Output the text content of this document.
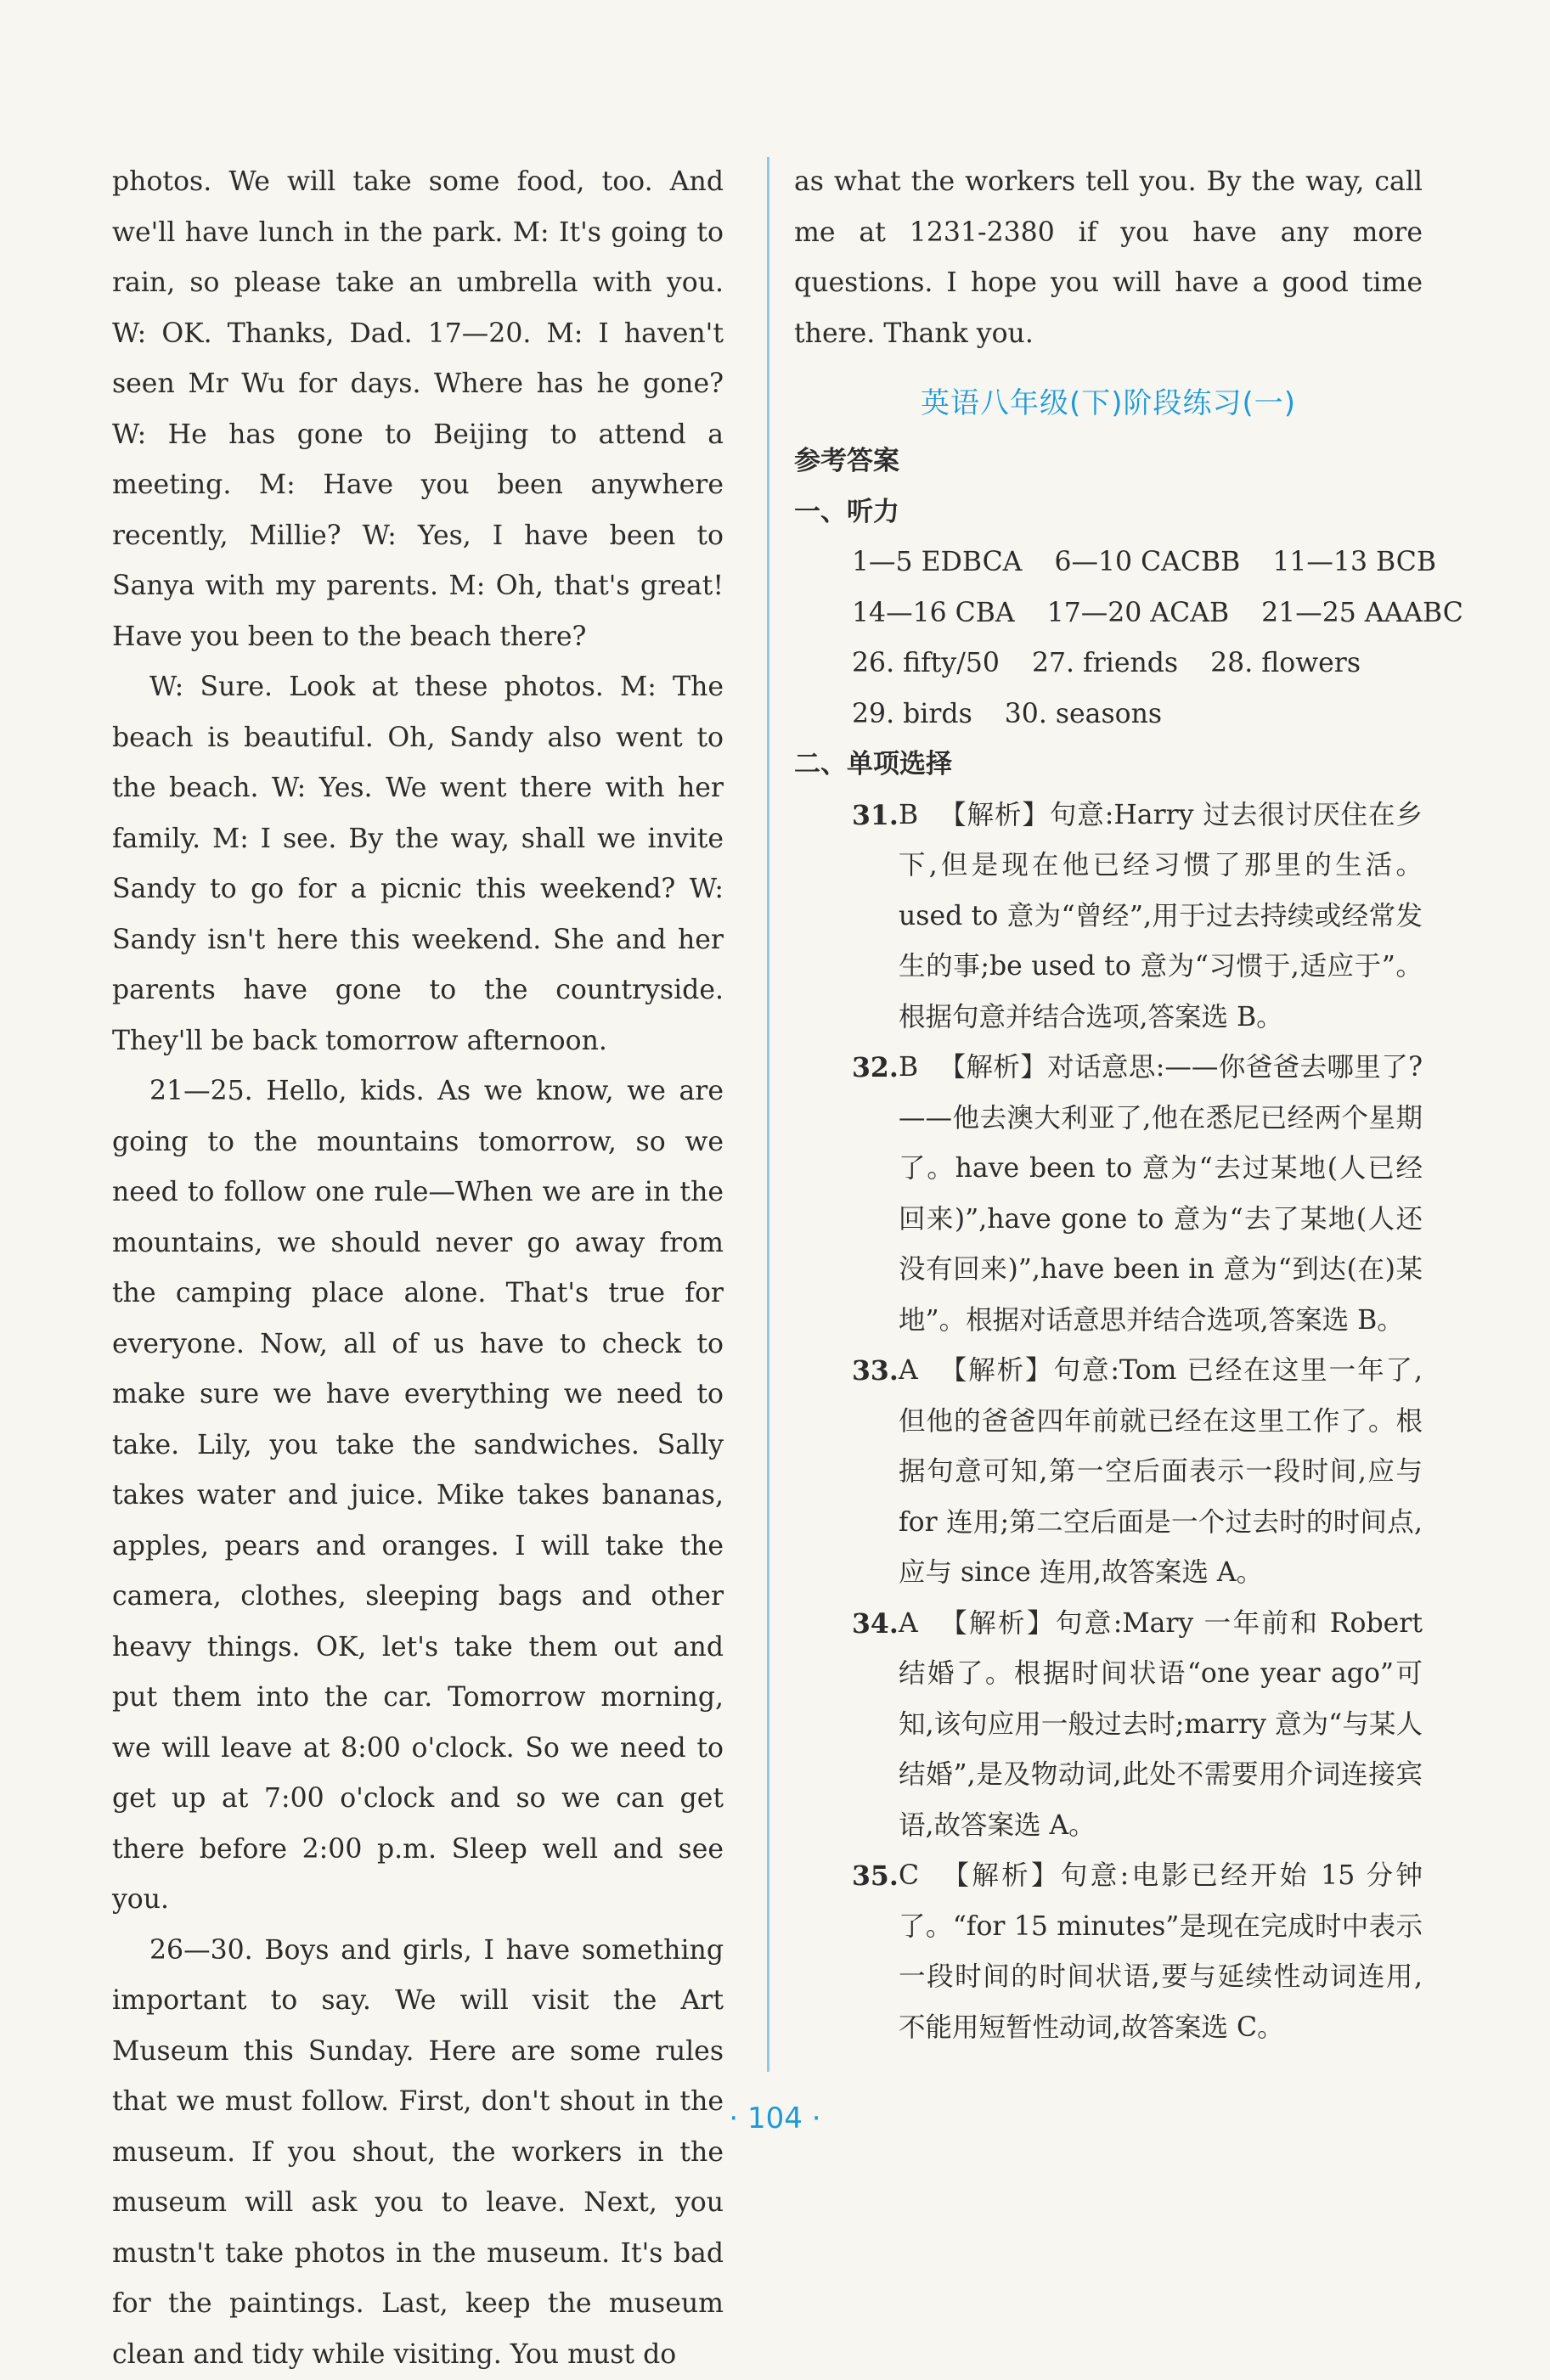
photos. We will take some food, too. And we'll have lunch in the park. M: It's going to rain, so please take an umbrella with you. W: OK. Thanks, Dad. 17—20. M: I haven't seen Mr Wu for days. Where has he gone? W: He has gone to Beijing to attend a meeting. M: Have you been anywhere recently, Millie? W: Yes, I have been to Sanya with my parents. M: Oh, that's great! Have you been to the beach there?

W: Sure. Look at these photos. M: The beach is beautiful. Oh, Sandy also went to the beach. W: Yes. We went there with her family. M: I see. By the way, shall we invite Sandy to go for a picnic this weekend? W: Sandy isn't here this weekend. She and her parents have gone to the countryside. They'll be back tomorrow afternoon.

21—25. Hello, kids. As we know, we are going to the mountains tomorrow, so we need to follow one rule—When we are in the mountains, we should never go away from the camping place alone. That's true for everyone. Now, all of us have to check to make sure we have everything we need to take. Lily, you take the sandwiches. Sally takes water and juice. Mike takes bananas, apples, pears and oranges. I will take the camera, clothes, sleeping bags and other heavy things. OK, let's take them out and put them into the car. Tomorrow morning, we will leave at 8:00 o'clock. So we need to get up at 7:00 o'clock and so we can get there before 2:00 p.m. Sleep well and see you.

26—30. Boys and girls, I have something important to say. We will visit the Art Museum this Sunday. Here are some rules that we must follow. First, don't shout in the museum. If you shout, the workers in the museum will ask you to leave. Next, you mustn't take photos in the museum. It's bad for the paintings. Last, keep the museum clean and tidy while visiting. You must do

as what the workers tell you. By the way, call me at 1231-2380 if you have any more questions. I hope you will have a good time there. Thank you.

英语八年级(下)阶段练习(一)

参考答案

一、听力

1—5 EDBCA 6—10 CACBB 11—13 BCB

14—16 CBA 17—20 ACAB 21—25 AAABC

26. fifty/50 27. friends 28. flowers

29. birds 30. seasons

二、单项选择

31. B 【解析】句意:Harry 过去很讨厌住在乡下,但是现在他已经习惯了那里的生活。used to 意为“曾经”,用于过去持续或经常发生的事;be used to 意为“习惯于,适应于”。根据句意并结合选项,答案选 B。

32. B 【解析】对话意思:——你爸爸去哪里了? ——他去澳大利亚了,他在悉尼已经两个星期了。have been to 意为“去过某地(人已经回来)”,have gone to 意为“去了某地(人还没有回来)”,have been in 意为“到达(在)某地”。根据对话意思并结合选项,答案选 B。

33. A 【解析】句意:Tom 已经在这里一年了,但他的爸爸四年前就已经在这里工作了。根据句意可知,第一空后面表示一段时间,应与 for 连用;第二空后面是一个过去时的时间点,应与 since 连用,故答案选 A。

34. A 【解析】句意:Mary 一年前和 Robert 结婚了。根据时间状语“one year ago”可知,该句应用一般过去时;marry 意为“与某人结婚”,是及物动词,此处不需要用介词连接宾语,故答案选 A。

35. C 【解析】句意:电影已经开始 15 分钟了。“for 15 minutes”是现在完成时中表示一段时间的时间状语,要与延续性动词连用,不能用短暂性动词,故答案选 C。

· 104 ·
